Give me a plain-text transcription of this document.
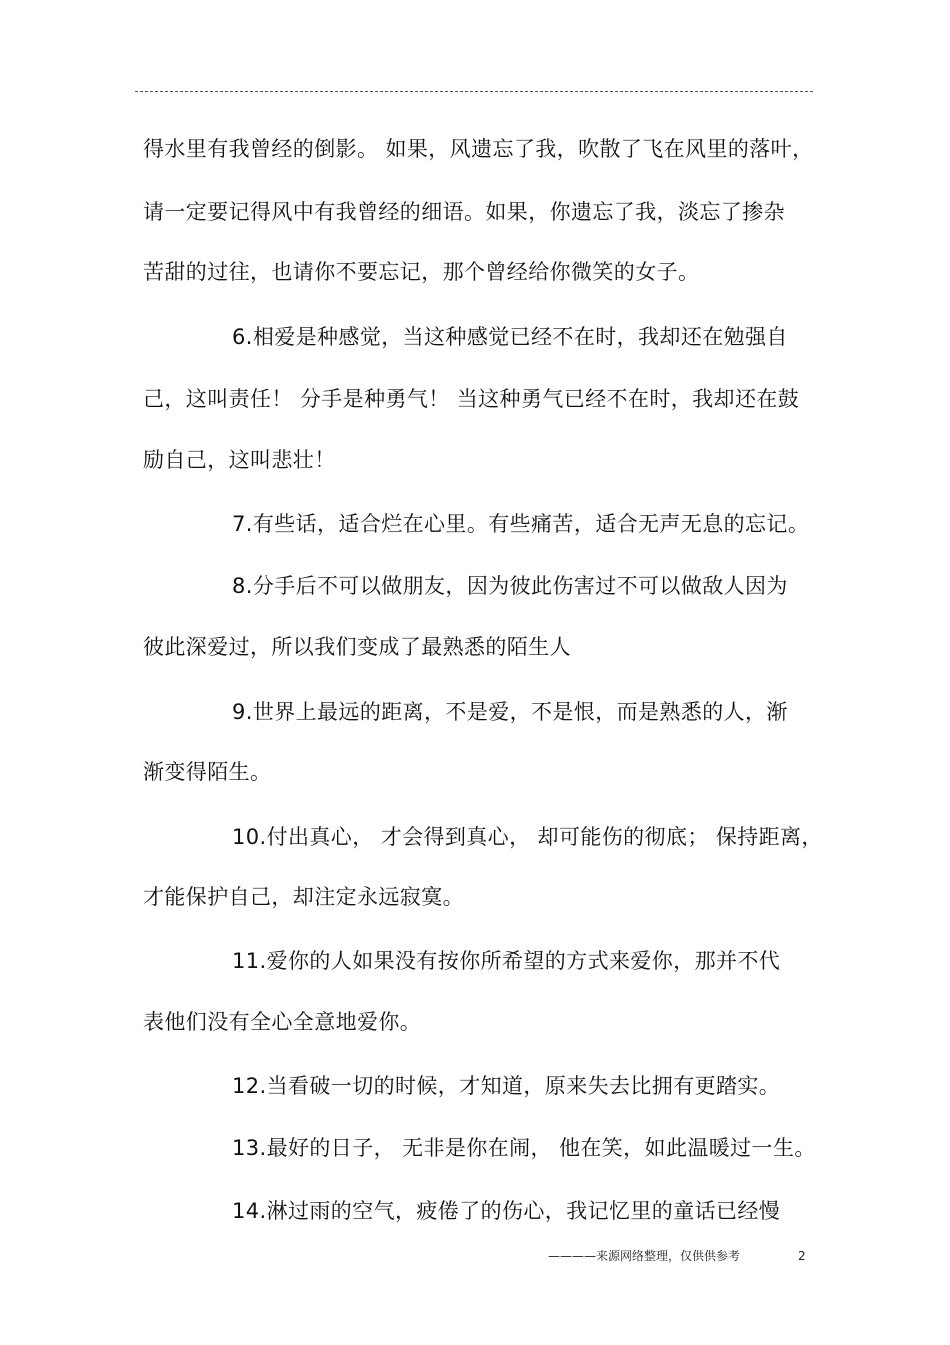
得水里有我曾经的倒影。 如果，风遗忘了我，吹散了飞在风里的落叶，
请一定要记得风中有我曾经的细语。如果，你遗忘了我，淡忘了掺杂
苦甜的过往，也请你不要忘记，那个曾经给你微笑的女子。
6.相爱是种感觉，当这种感觉已经不在时，我却还在勉强自
己，这叫责任！ 分手是种勇气！ 当这种勇气已经不在时，我却还在鼓
励自己，这叫悲壮！
7.有些话，适合烂在心里。有些痛苦，适合无声无息的忘记。
8.分手后不可以做朋友，因为彼此伤害过不可以做敌人因为
彼此深爱过，所以我们变成了最熟悉的陌生人
9.世界上最远的距离，不是爱，不是恨，而是熟悉的人，渐
渐变得陌生。
10.付出真心， 才会得到真心， 却可能伤的彻底； 保持距离，
才能保护自己，却注定永远寂寞。
11.爱你的人如果没有按你所希望的方式来爱你，那并不代
表他们没有全心全意地爱你。
12.当看破一切的时候，才知道，原来失去比拥有更踏实。
13.最好的日子， 无非是你在闹， 他在笑，如此温暖过一生。
14.淋过雨的空气，疲倦了的伤心，我记忆里的童话已经慢
————来源网络整理，仅供供参考	2
